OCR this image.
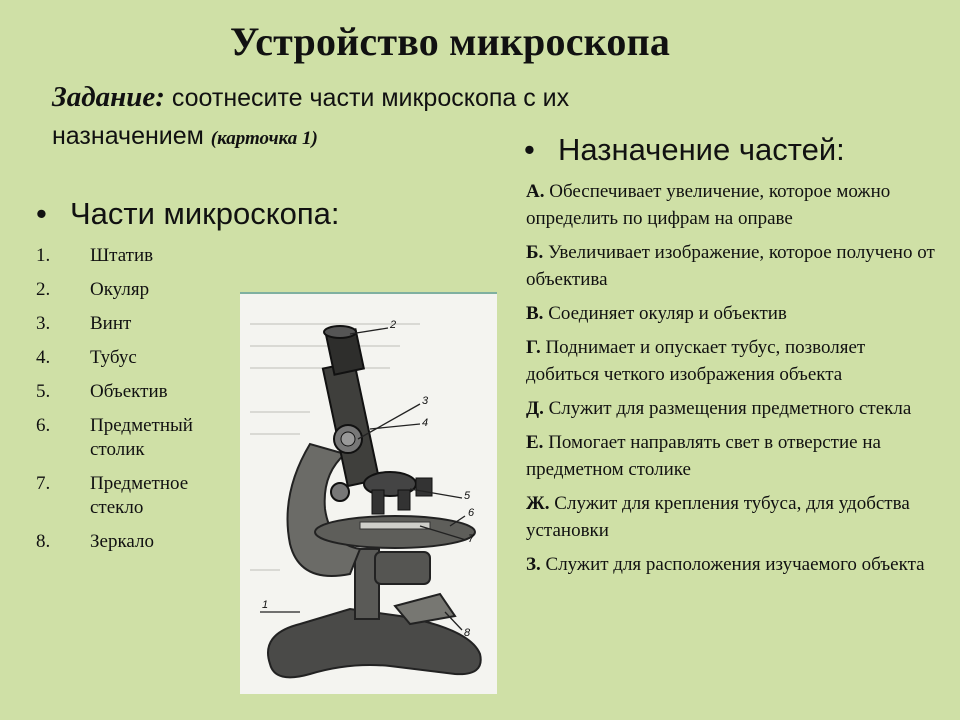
Устройство микроскопа
Задание: соотнесите части микроскопа с их
назначением (карточка 1)
• Части микроскопа:
1.	Штатив
2.	Окуляр
3.	Винт
4.	Тубус
5.	Объектив
6.	Предметный столик
7.	Предметное стекло
8.	Зеркало
1
2
3
4
5
6
7
8
• Назначение частей:
А. Обеспечивает увеличение, которое можно определить по цифрам на оправе
Б. Увеличивает изображение, которое получено от объектива
В. Соединяет окуляр и объектив
Г. Поднимает и опускает тубус, позволяет добиться четкого изображения объекта
Д. Служит для размещения предметного стекла
Е. Помогает направлять свет в отверстие на предметном столике
Ж. Служит для крепления тубуса, для удобства установки
З. Служит для расположения изучаемого объекта
